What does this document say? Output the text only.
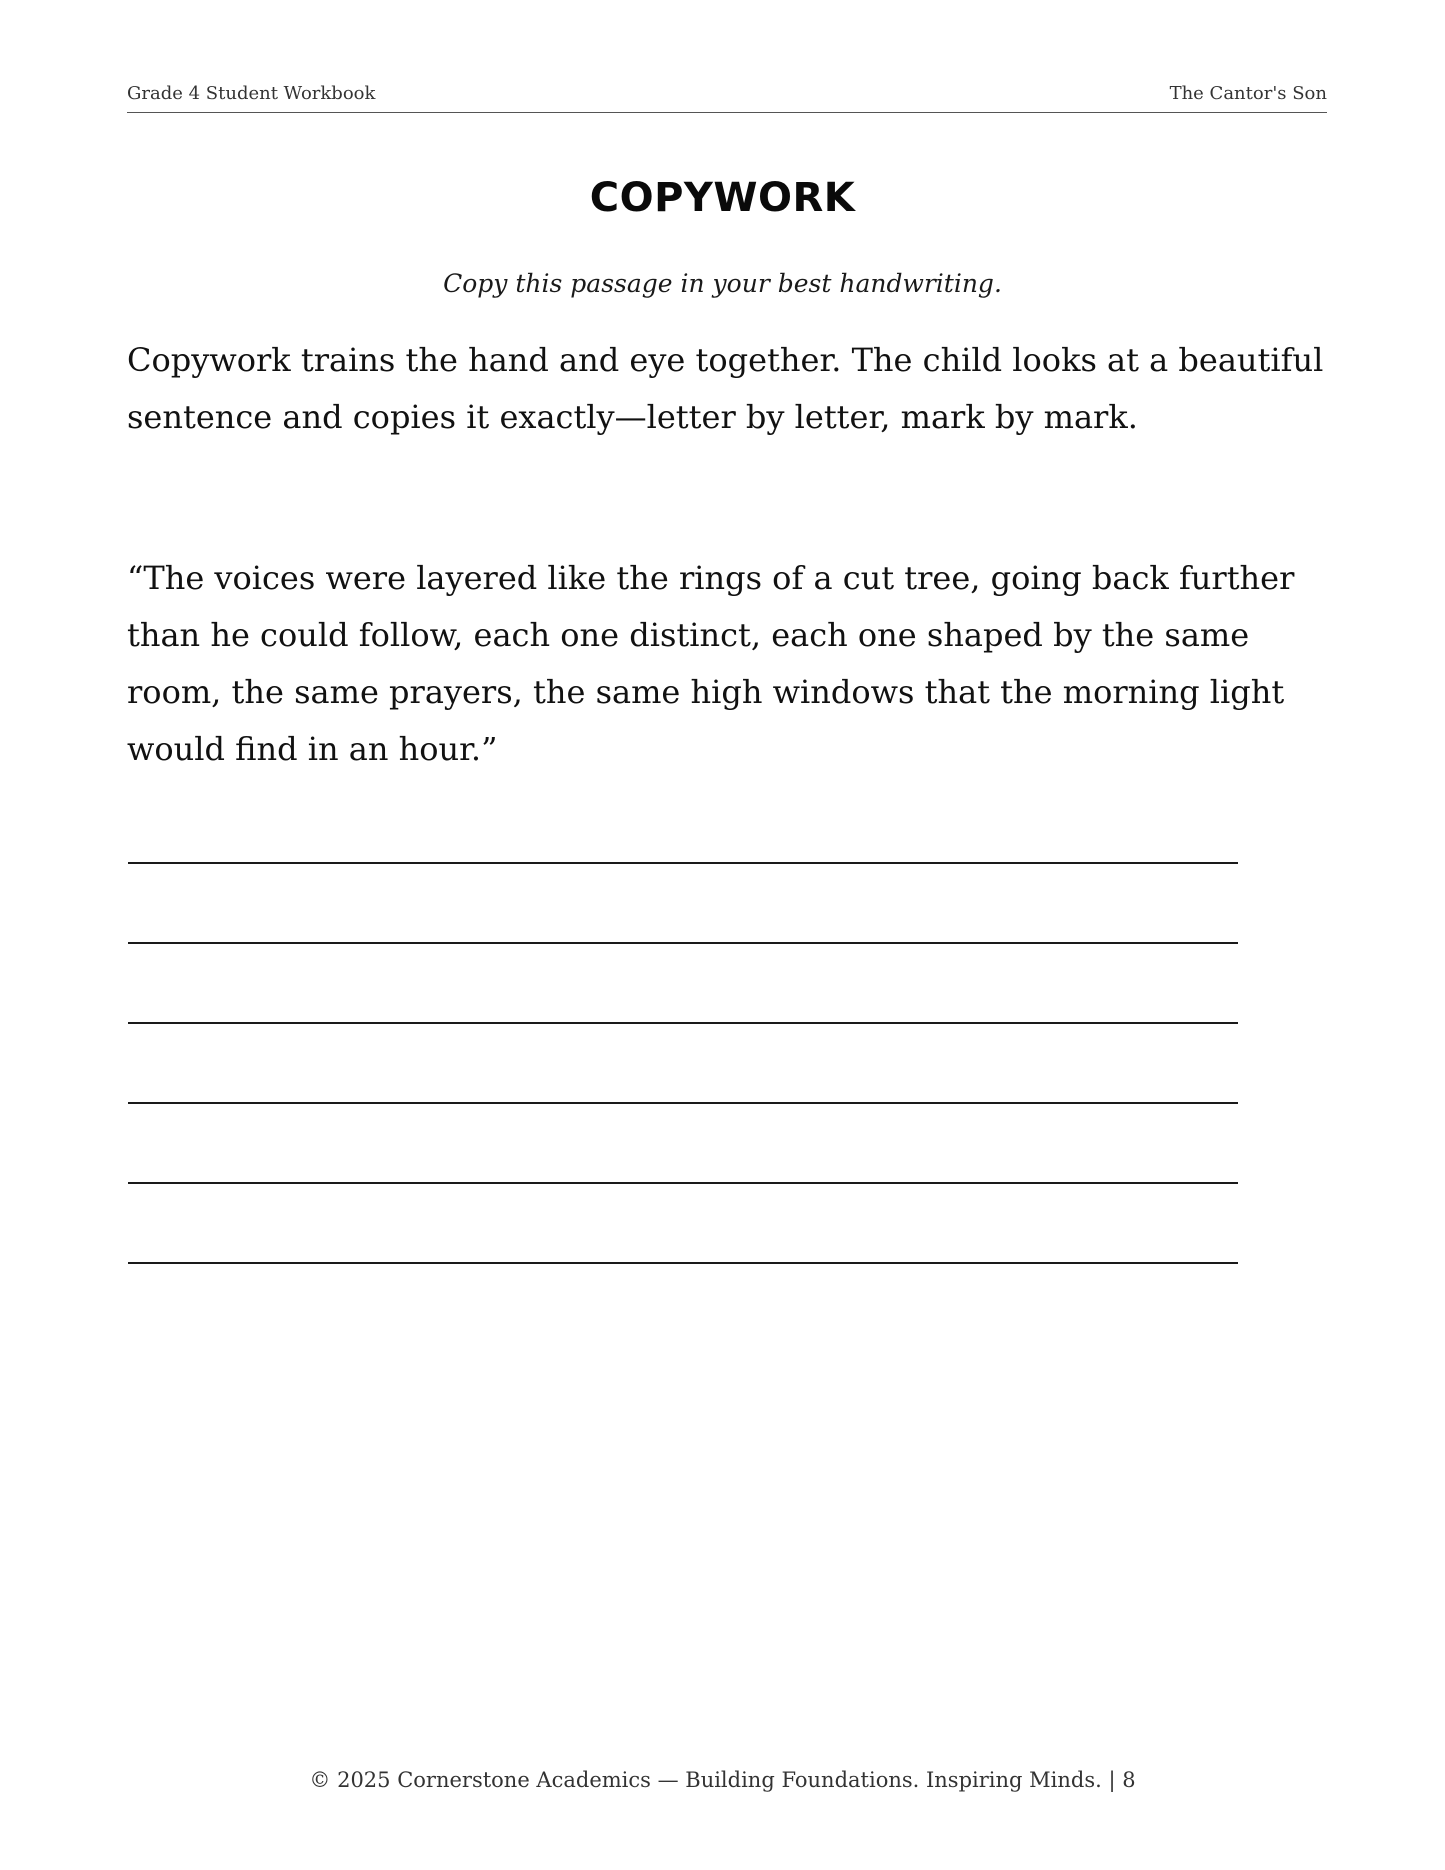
Grade 4 Student Workbook	The Cantor's Son
COPYWORK
Copy this passage in your best handwriting.
Copywork trains the hand and eye together. The child looks at a beautiful sentence and copies it exactly—letter by letter, mark by mark.
“The voices were layered like the rings of a cut tree, going back further than he could follow, each one distinct, each one shaped by the same room, the same prayers, the same high windows that the morning light would find in an hour.”
© 2025 Cornerstone Academics — Building Foundations. Inspiring Minds. | 8
